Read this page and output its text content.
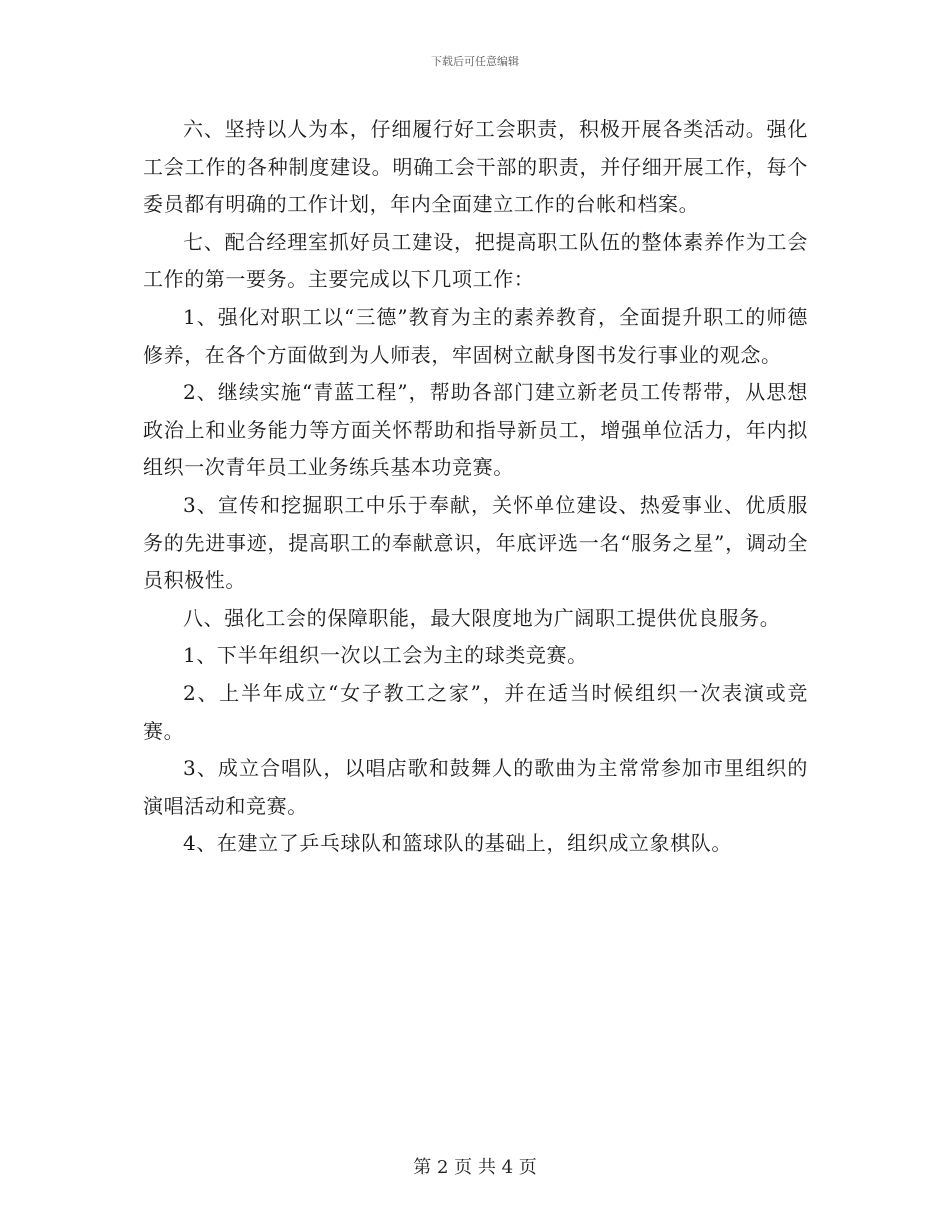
下载后可任意编辑

六、坚持以人为本，仔细履行好工会职责，积极开展各类活动。强化工会工作的各种制度建设。明确工会干部的职责，并仔细开展工作，每个委员都有明确的工作计划，年内全面建立工作的台帐和档案。

七、配合经理室抓好员工建设，把提高职工队伍的整体素养作为工会工作的第一要务。主要完成以下几项工作：

1、强化对职工以“三德”教育为主的素养教育，全面提升职工的师德修养，在各个方面做到为人师表，牢固树立献身图书发行事业的观念。

2、继续实施“青蓝工程”，帮助各部门建立新老员工传帮带，从思想政治上和业务能力等方面关怀帮助和指导新员工，增强单位活力，年内拟组织一次青年员工业务练兵基本功竞赛。

3、宣传和挖掘职工中乐于奉献，关怀单位建设、热爱事业、优质服务的先进事迹，提高职工的奉献意识，年底评选一名“服务之星”，调动全员积极性。

八、强化工会的保障职能，最大限度地为广阔职工提供优良服务。

1、下半年组织一次以工会为主的球类竞赛。

2、上半年成立“女子教工之家”，并在适当时候组织一次表演或竞赛。

3、成立合唱队，以唱店歌和鼓舞人的歌曲为主常常参加市里组织的演唱活动和竞赛。

4、在建立了乒乓球队和篮球队的基础上，组织成立象棋队。

第 2 页 共 4 页
